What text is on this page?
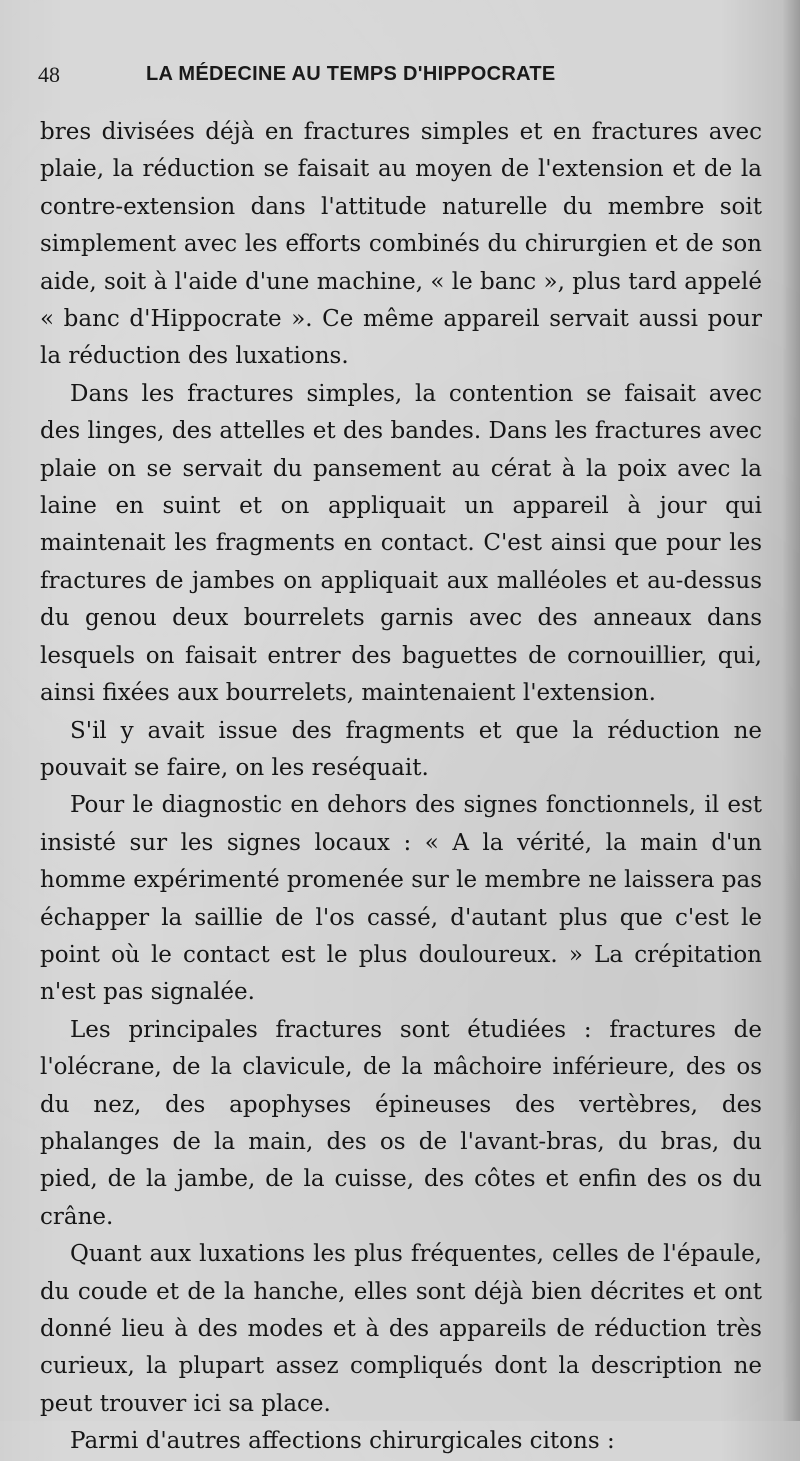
48	LA MÉDECINE AU TEMPS D'HIPPOCRATE

bres divisées déjà en fractures simples et en fractures avec plaie, la réduction se faisait au moyen de l'extension et de la contre-extension dans l'attitude naturelle du membre soit simplement avec les efforts combinés du chirurgien et de son aide, soit à l'aide d'une machine, « le banc », plus tard appelé « banc d'Hippocrate ». Ce même appareil servait aussi pour la réduction des luxations.

Dans les fractures simples, la contention se faisait avec des linges, des attelles et des bandes. Dans les fractures avec plaie on se servait du pansement au cérat à la poix avec la laine en suint et on appliquait un appareil à jour qui maintenait les fragments en contact. C'est ainsi que pour les fractures de jambes on appliquait aux malléoles et au-dessus du genou deux bourrelets garnis avec des anneaux dans lesquels on faisait entrer des baguettes de cornouillier, qui, ainsi fixées aux bourrelets, maintenaient l'extension.

S'il y avait issue des fragments et que la réduction ne pouvait se faire, on les reséquait.

Pour le diagnostic en dehors des signes fonctionnels, il est insisté sur les signes locaux : « A la vérité, la main d'un homme expérimenté promenée sur le membre ne laissera pas échapper la saillie de l'os cassé, d'autant plus que c'est le point où le contact est le plus douloureux. » La crépitation n'est pas signalée.

Les principales fractures sont étudiées : fractures de l'olécrane, de la clavicule, de la mâchoire inférieure, des os du nez, des apophyses épineuses des vertèbres, des phalanges de la main, des os de l'avant-bras, du bras, du pied, de la jambe, de la cuisse, des côtes et enfin des os du crâne.

Quant aux luxations les plus fréquentes, celles de l'épaule, du coude et de la hanche, elles sont déjà bien décrites et ont donné lieu à des modes et à des appareils de réduction très curieux, la plupart assez compliqués dont la description ne peut trouver ici sa place.

Parmi d'autres affections chirurgicales citons :
